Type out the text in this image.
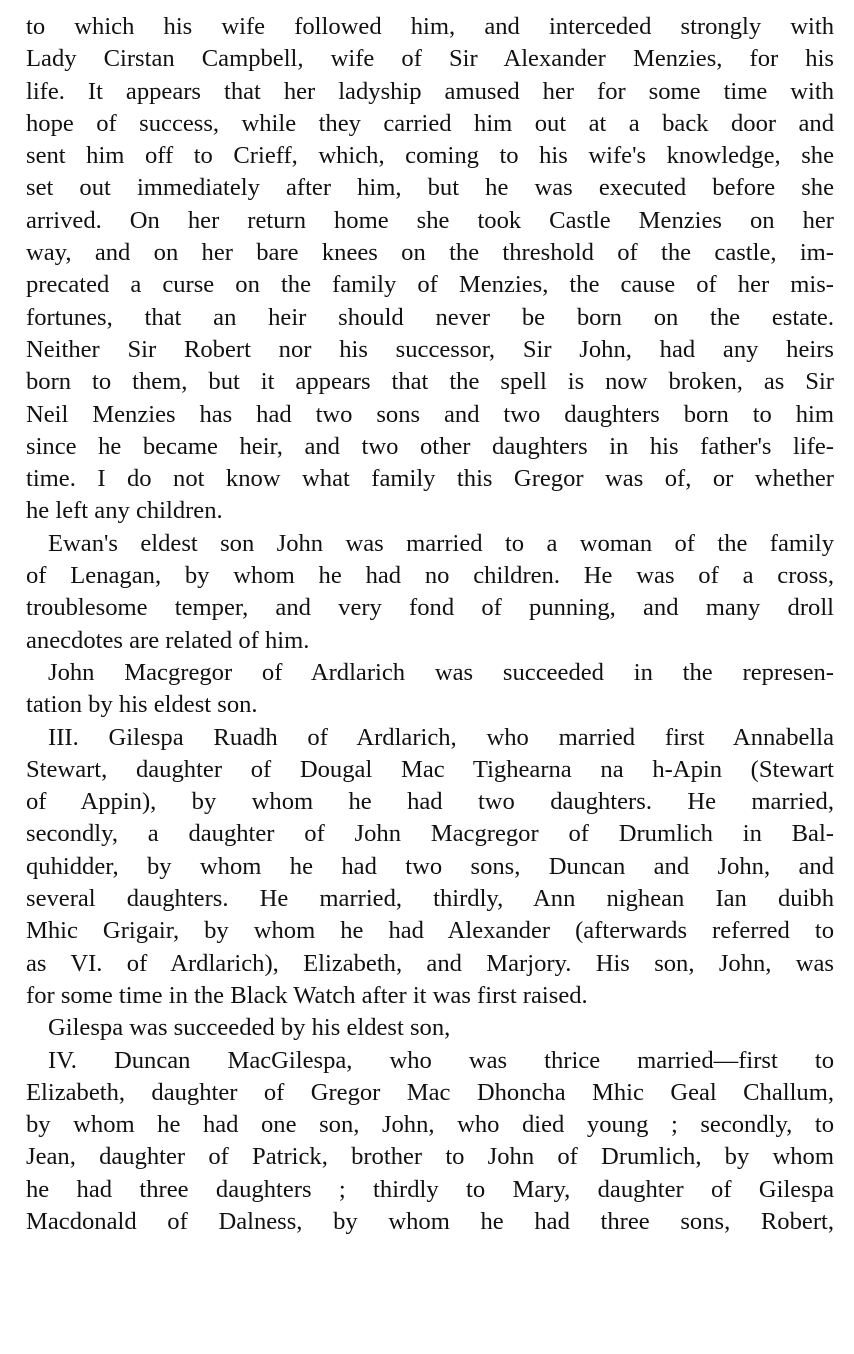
to which his wife followed him, and interceded strongly with
Lady Cirstan Campbell, wife of Sir Alexander Menzies, for his
life. It appears that her ladyship amused her for some time with
hope of success, while they carried him out at a back door and
sent him off to Crieff, which, coming to his wife's knowledge, she
set out immediately after him, but he was executed before she
arrived. On her return home she took Castle Menzies on her
way, and on her bare knees on the threshold of the castle, im-
precated a curse on the family of Menzies, the cause of her mis-
fortunes, that an heir should never be born on the estate.
Neither Sir Robert nor his successor, Sir John, had any heirs
born to them, but it appears that the spell is now broken, as Sir
Neil Menzies has had two sons and two daughters born to him
since he became heir, and two other daughters in his father's life-
time. I do not know what family this Gregor was of, or whether
he left any children.
Ewan's eldest son John was married to a woman of the family
of Lenagan, by whom he had no children. He was of a cross,
troublesome temper, and very fond of punning, and many droll
anecdotes are related of him.
John Macgregor of Ardlarich was succeeded in the represen-
tation by his eldest son.
III. Gilespa Ruadh of Ardlarich, who married first Annabella
Stewart, daughter of Dougal Mac Tighearna na h-Apin (Stewart
of Appin), by whom he had two daughters. He married,
secondly, a daughter of John Macgregor of Drumlich in Bal-
quhidder, by whom he had two sons, Duncan and John, and
several daughters. He married, thirdly, Ann nighean Ian duibh
Mhic Grigair, by whom he had Alexander (afterwards referred to
as VI. of Ardlarich), Elizabeth, and Marjory. His son, John, was
for some time in the Black Watch after it was first raised.
Gilespa was succeeded by his eldest son,
IV. Duncan MacGilespa, who was thrice married—first to
Elizabeth, daughter of Gregor Mac Dhoncha Mhic Geal Challum,
by whom he had one son, John, who died young ; secondly, to
Jean, daughter of Patrick, brother to John of Drumlich, by whom
he had three daughters ; thirdly to Mary, daughter of Gilespa
Macdonald of Dalness, by whom he had three sons, Robert,
